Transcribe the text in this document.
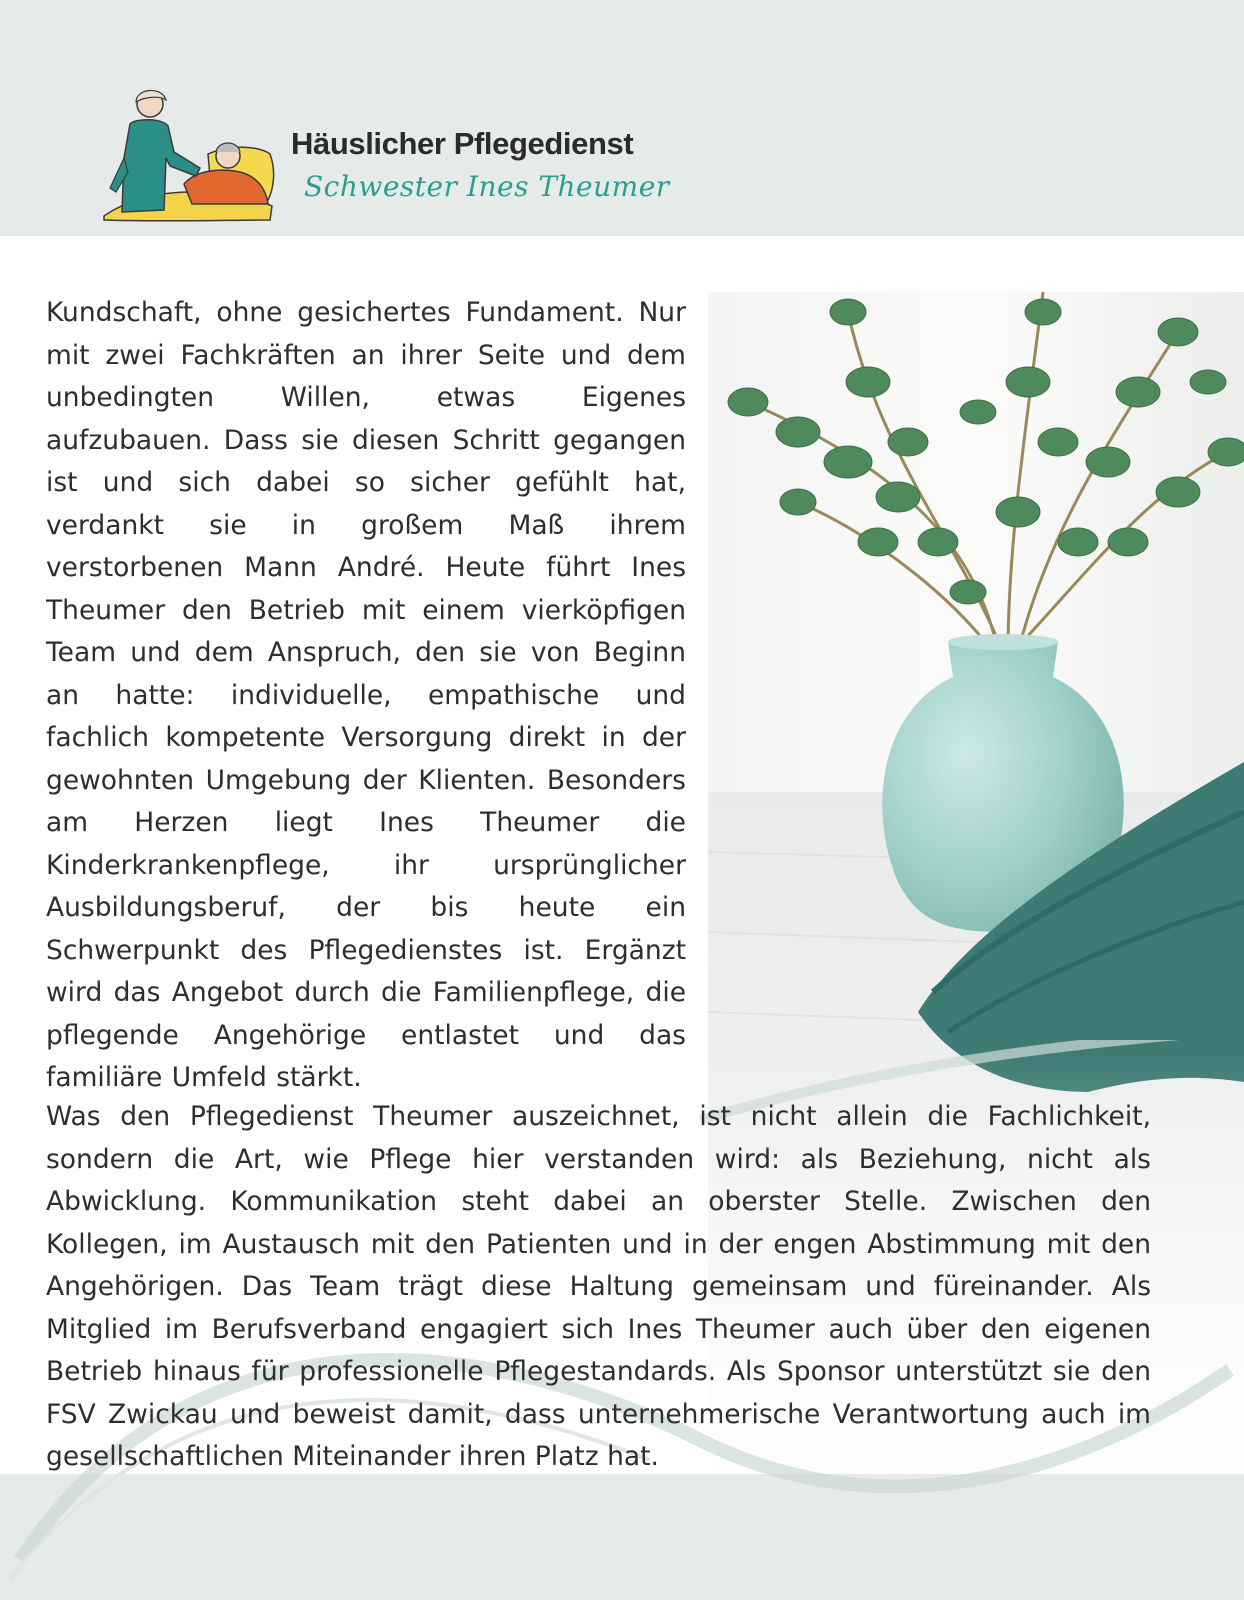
Häuslicher Pflegedienst
Schwester Ines Theumer

Kundschaft, ohne gesichertes Fundament. Nur mit zwei Fachkräften an ihrer Seite und dem unbedingten Willen, etwas Eigenes aufzubauen. Dass sie diesen Schritt gegangen ist und sich dabei so sicher gefühlt hat, verdankt sie in großem Maß ihrem verstorbenen Mann André. Heute führt Ines Theumer den Betrieb mit einem vierköpfigen Team und dem Anspruch, den sie von Beginn an hatte: individuelle, empathische und fachlich kompetente Versorgung direkt in der gewohnten Umgebung der Klienten. Besonders am Herzen liegt Ines Theumer die Kinderkrankenpflege, ihr ursprünglicher Ausbildungsberuf, der bis heute ein Schwerpunkt des Pflegedienstes ist. Ergänzt wird das Angebot durch die Familienpflege, die pflegende Angehörige entlastet und das familiäre Umfeld stärkt.

Was den Pflegedienst Theumer auszeichnet, ist nicht allein die Fachlichkeit, sondern die Art, wie Pflege hier verstanden wird: als Beziehung, nicht als Abwicklung. Kommunikation steht dabei an oberster Stelle. Zwischen den Kollegen, im Austausch mit den Patienten und in der engen Abstimmung mit den Angehörigen. Das Team trägt diese Haltung gemeinsam und füreinander. Als Mitglied im Berufsverband engagiert sich Ines Theumer auch über den eigenen Betrieb hinaus für professionelle Pflegestandards. Als Sponsor unterstützt sie den FSV Zwickau und beweist damit, dass unternehmerische Verantwortung auch im gesellschaftlichen Miteinander ihren Platz hat.
